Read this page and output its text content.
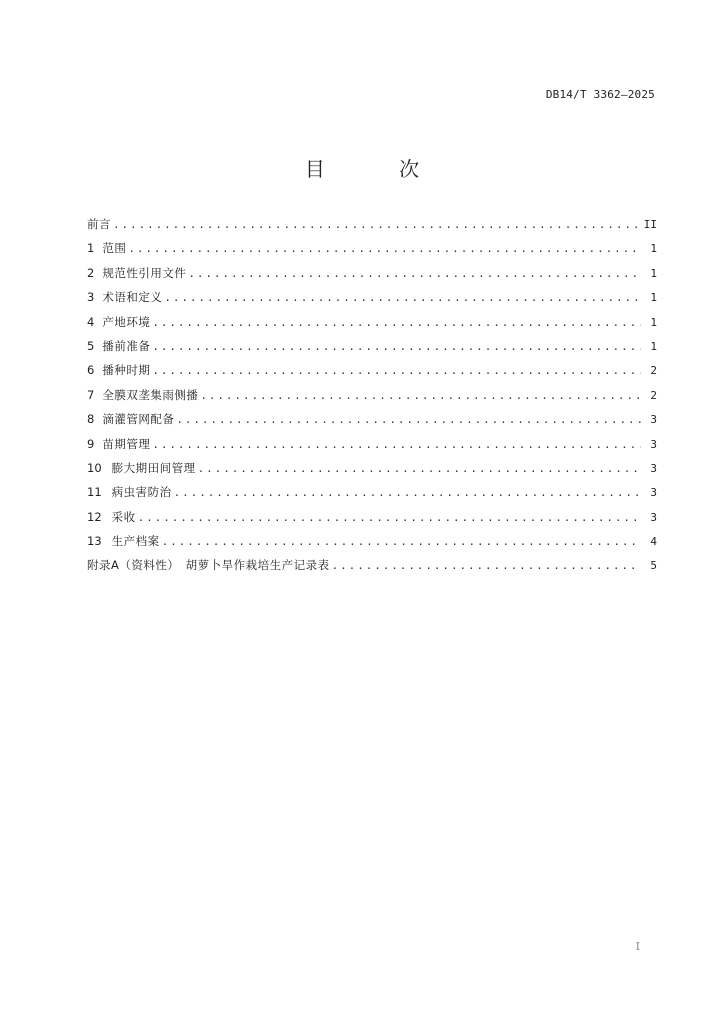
DB14/T 3362—2025
目 次
前言 .....	II
1 范围 .....	1
2 规范性引用文件 .....	1
3 术语和定义 .....	1
4 产地环境 .....	1
5 播前准备 .....	1
6 播种时期 .....	2
7 全膜双垄集雨侧播 .....	2
8 滴灌管网配备 .....	3
9 苗期管理 .....	3
10 膨大期田间管理 .....	3
11 病虫害防治 .....	3
12 采收 .....	3
13 生产档案 .....	4
附录A（资料性）　胡萝卜旱作栽培生产记录表 .....	5
I
